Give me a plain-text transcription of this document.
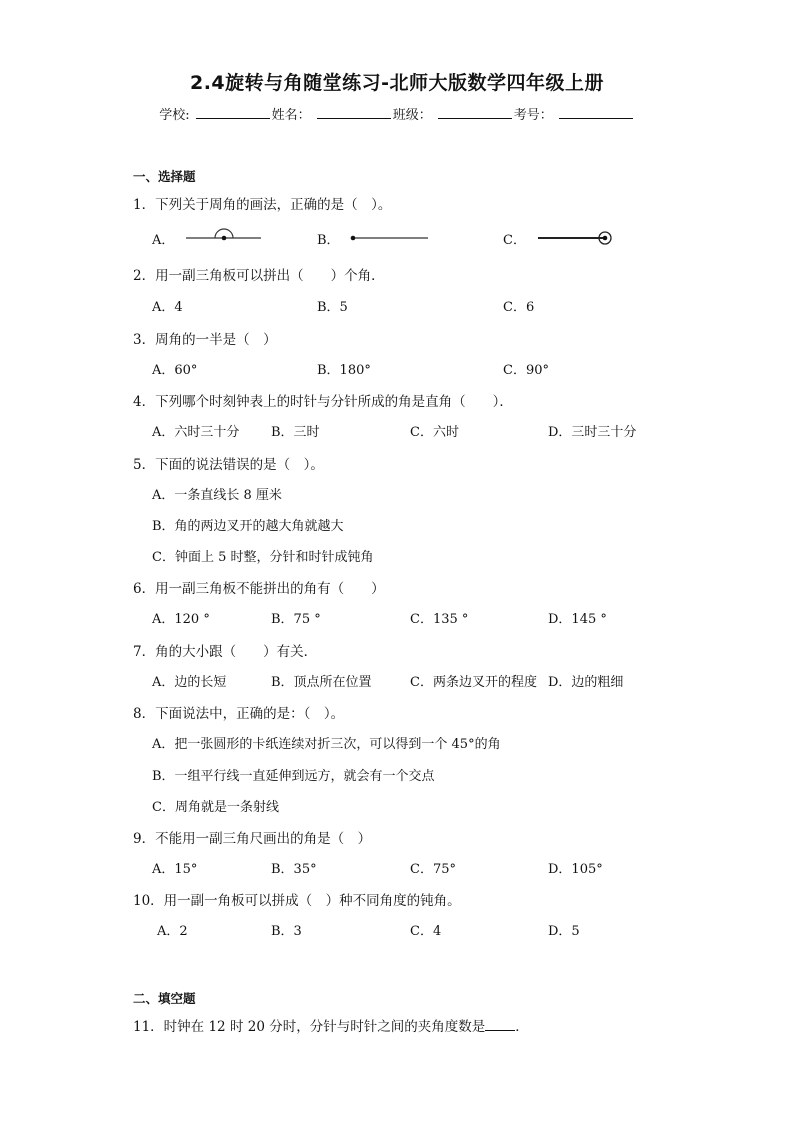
2.4旋转与角随堂练习-北师大版数学四年级上册
学校:	姓名：	班级：	考号：
一、选择题
1．下列关于周角的画法，正确的是（　）。
A．	B．	C．
2．用一副三角板可以拼出（　　）个角．
A．4	B．5	C．6
3．周角的一半是（　）
A．60°	B．180°	C．90°
4．下列哪个时刻钟表上的时针与分针所成的角是直角（　　）．
A．六时三十分 B．三时	C．六时	D．三时三十分
5．下面的说法错误的是（　）。
A．一条直线长 8 厘米
B．角的两边叉开的越大角就越大
C．钟面上 5 时整，分针和时针成钝角
6．用一副三角板不能拼出的角有（　　）
A．120 °	B．75 °	C．135 °	D．145 °
7．角的大小跟（　　）有关．
A．边的长短	B．顶点所在位置	C．两条边叉开的程度 D．边的粗细
8．下面说法中，正确的是：（　）。
A．把一张圆形的卡纸连续对折三次，可以得到一个 45°的角
B．一组平行线一直延伸到远方，就会有一个交点
C．周角就是一条射线
9．不能用一副三角尺画出的角是（　）
A．15°	B．35°	C．75°	D．105°
10．用一副一角板可以拼成（　）种不同角度的钝角。
A．2	B．3	C．4	D．5
二、填空题
11．时钟在 12 时 20 分时，分针与时针之间的夹角度数是 ．
